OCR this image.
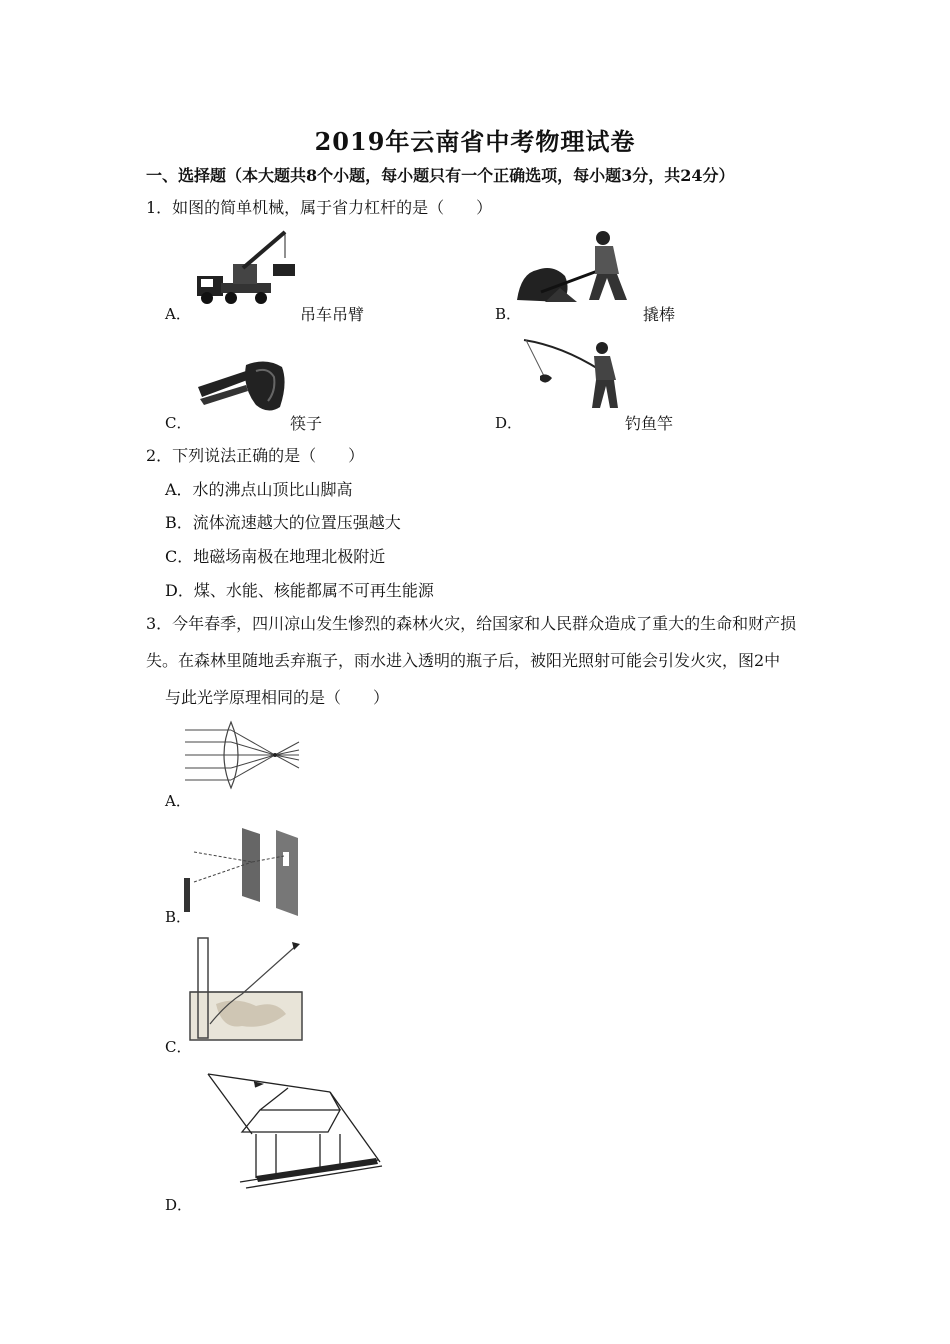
2019年云南省中考物理试卷
一、选择题（本大题共8个小题，每小题只有一个正确选项，每小题3分，共24分）
1．如图的简单机械，属于省力杠杆的是（　　）
A．	吊车吊臂	B．	撬棒
C．	筷子	D．	钓鱼竿
2．下列说法正确的是（　　）
A．水的沸点山顶比山脚高
B．流体流速越大的位置压强越大
C．地磁场南极在地理北极附近
D．煤、水能、核能都属不可再生能源
3．今年春季，四川凉山发生惨烈的森林火灾，给国家和人民群众造成了重大的生命和财产损
失。在森林里随地丢弃瓶子，雨水进入透明的瓶子后，被阳光照射可能会引发火灾，图2中
与此光学原理相同的是（　　）
A．
B．
C．
D．
